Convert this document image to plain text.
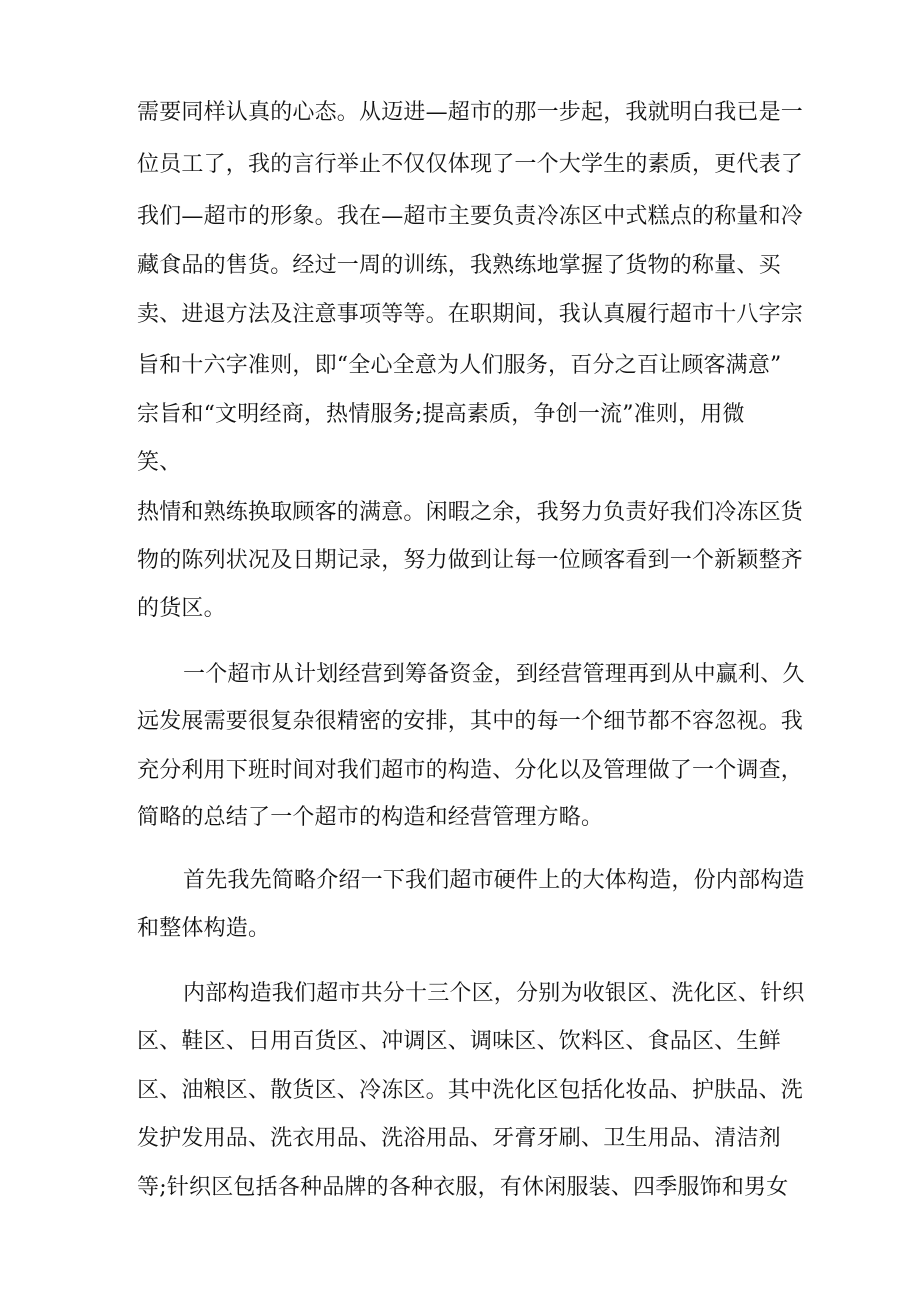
需要同样认真的心态。从迈进—超市的那一步起，我就明白我已是一
位员工了，我的言行举止不仅仅体现了一个大学生的素质，更代表了
我们—超市的形象。我在—超市主要负责冷冻区中式糕点的称量和冷
藏食品的售货。经过一周的训练，我熟练地掌握了货物的称量、买
卖、进退方法及注意事项等等。在职期间，我认真履行超市十八字宗
旨和十六字准则，即“全心全意为人们服务，百分之百让顾客满意”
宗旨和“文明经商，热情服务;提高素质，争创一流”准则，用微
笑、
热情和熟练换取顾客的满意。闲暇之余，我努力负责好我们冷冻区货
物的陈列状况及日期记录，努力做到让每一位顾客看到一个新颖整齐
的货区。
一个超市从计划经营到筹备资金，到经营管理再到从中赢利、久
远发展需要很复杂很精密的安排，其中的每一个细节都不容忽视。我
充分利用下班时间对我们超市的构造、分化以及管理做了一个调查，
简略的总结了一个超市的构造和经营管理方略。
首先我先简略介绍一下我们超市硬件上的大体构造，份内部构造
和整体构造。
内部构造我们超市共分十三个区，分别为收银区、洗化区、针织
区、鞋区、日用百货区、冲调区、调味区、饮料区、食品区、生鲜
区、油粮区、散货区、冷冻区。其中洗化区包括化妆品、护肤品、洗
发护发用品、洗衣用品、洗浴用品、牙膏牙刷、卫生用品、清洁剂
等;针织区包括各种品牌的各种衣服，有休闲服装、四季服饰和男女
